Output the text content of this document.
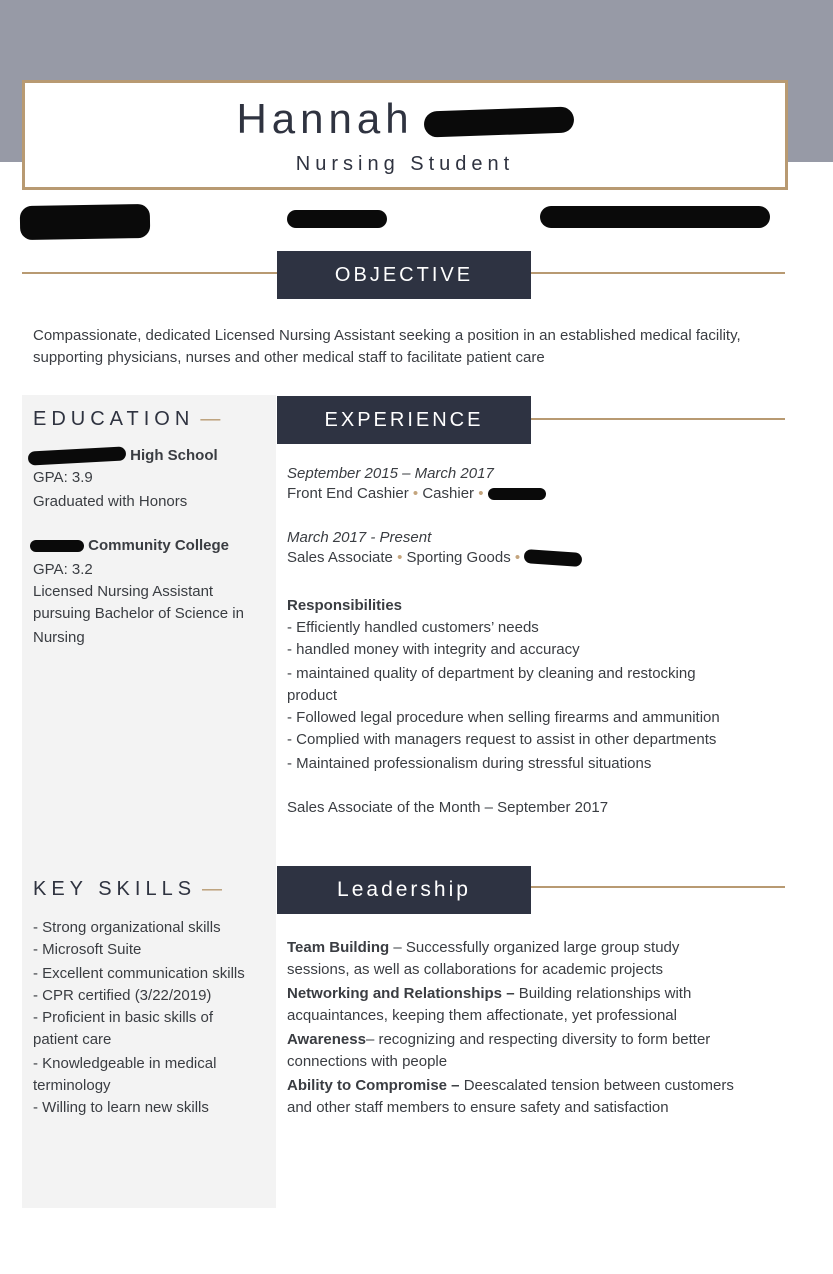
Hannah
Nursing Student
OBJECTIVE
Compassionate, dedicated Licensed Nursing Assistant seeking a position in an established medical facility, supporting physicians, nurses and other medical staff to facilitate patient care
EDUCATION —
High School
GPA: 3.9
Graduated with Honors
Community College
GPA: 3.2
Licensed Nursing Assistant
pursuing Bachelor of Science in
Nursing
EXPERIENCE
September 2015 – March 2017
Front End Cashier • Cashier •
March 2017 - Present
Sales Associate • Sporting Goods •
Responsibilities
- Efficiently handled customers’ needs
- handled money with integrity and accuracy
- maintained quality of department by cleaning and restocking
product
- Followed legal procedure when selling firearms and ammunition
- Complied with managers request to assist in other departments
- Maintained professionalism during stressful situations
Sales Associate of the Month – September 2017
KEY SKILLS —
- Strong organizational skills
- Microsoft Suite
- Excellent communication skills
- CPR certified (3/22/2019)
- Proficient in basic skills of
patient care
- Knowledgeable in medical
terminology
- Willing to learn new skills
Leadership
Team Building – Successfully organized large group study
sessions, as well as collaborations for academic projects
Networking and Relationships – Building relationships with
acquaintances, keeping them affectionate, yet professional
Awareness– recognizing and respecting diversity to form better
connections with people
Ability to Compromise – Deescalated tension between customers
and other staff members to ensure safety and satisfaction
